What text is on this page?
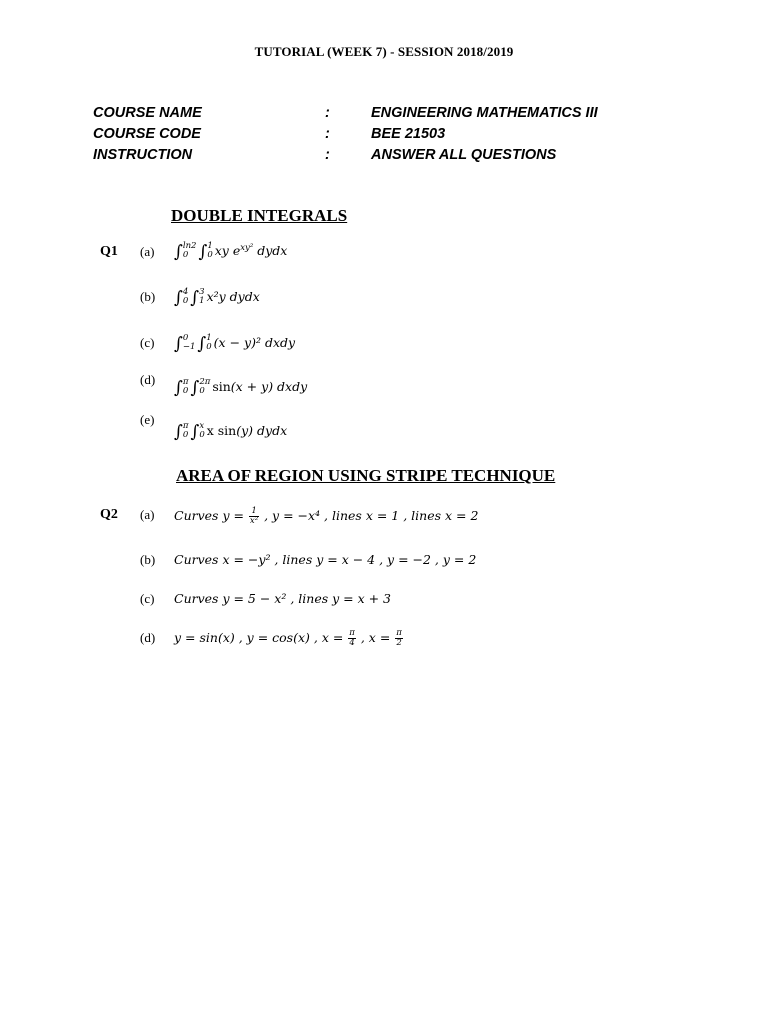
TUTORIAL (WEEK 7) - SESSION 2018/2019
COURSE NAME	:	ENGINEERING MATHEMATICS III
COURSE CODE	:	BEE 21503
INSTRUCTION	:	ANSWER ALL QUESTIONS
DOUBLE INTEGRALS
Q1 (a) ∫ ln2
0 ∫ 1
0 xy $e^{xy^2}$ dydx
(b) ∫ 4
0 ∫ 3
1 x²y dydx
(c) ∫ 0
−1 ∫ 1
0 (x − y)² dxdy
(d) ∫ π
0 ∫ 2π
0 sin(x + y) dxdy
(e)
∫ π
0 ∫ x
0 x sin(y) dydx
AREA OF REGION USING STRIPE TECHNIQUE
Q2 (a) Curves $y = \frac{1}{\text{x²}}$ , y = −x⁴ , lines x = 1 , lines x = 2
(b) Curves x = −y² , lines y = x − 4 , y = −2 , y = 2
(c) Curves y = 5 − x² , lines y = x + 3
(d) y = sin(x) , y = cos(x) , $x = \frac{\pi}{4}$ , $x = \frac{\pi}{2}$
